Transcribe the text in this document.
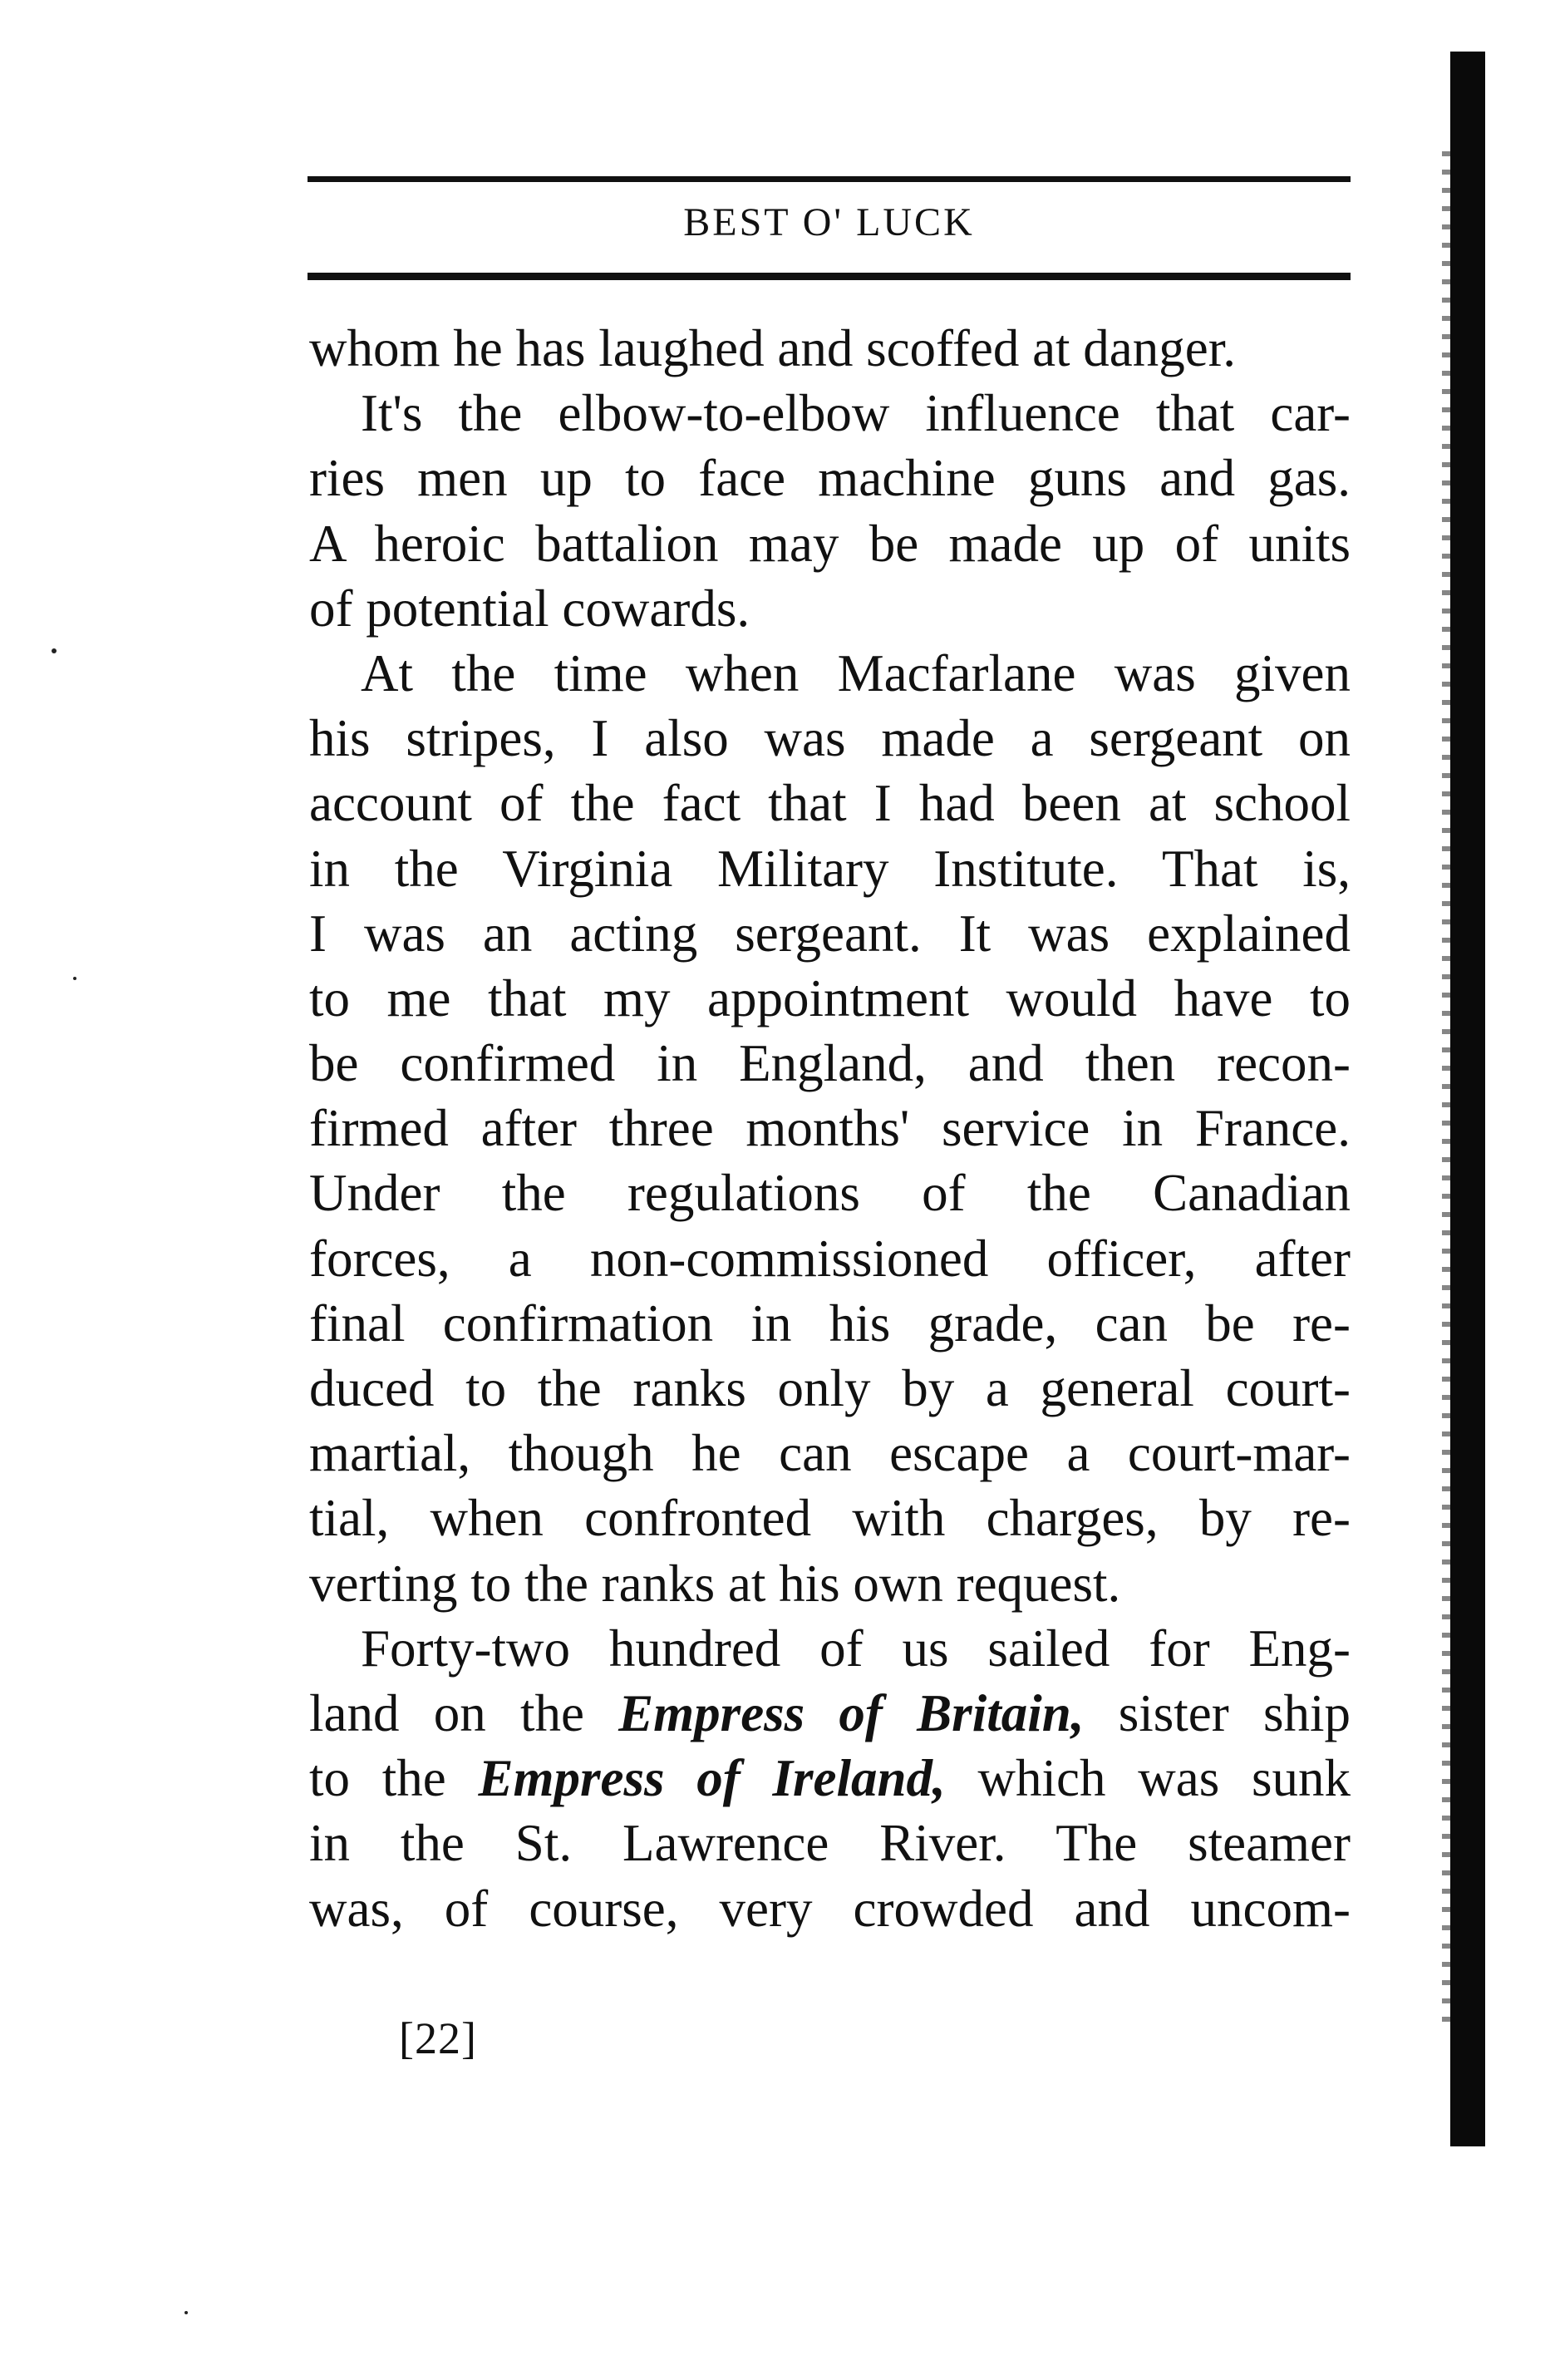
BEST O' LUCK
whom he has laughed and scoffed at danger.
It's the elbow-to-elbow influence that car-
ries men up to face machine guns and gas.
A heroic battalion may be made up of units
of potential cowards.
At the time when Macfarlane was given
his stripes, I also was made a sergeant on
account of the fact that I had been at school
in the Virginia Military Institute. That is,
I was an acting sergeant. It was explained
to me that my appointment would have to
be confirmed in England, and then recon-
firmed after three months' service in France.
Under the regulations of the Canadian
forces, a non-commissioned officer, after
final confirmation in his grade, can be re-
duced to the ranks only by a general court-
martial, though he can escape a court-mar-
tial, when confronted with charges, by re-
verting to the ranks at his own request.
Forty-two hundred of us sailed for Eng-
land on the Empress of Britain, sister ship
to the Empress of Ireland, which was sunk
in the St. Lawrence River. The steamer
was, of course, very crowded and uncom-
[22]
